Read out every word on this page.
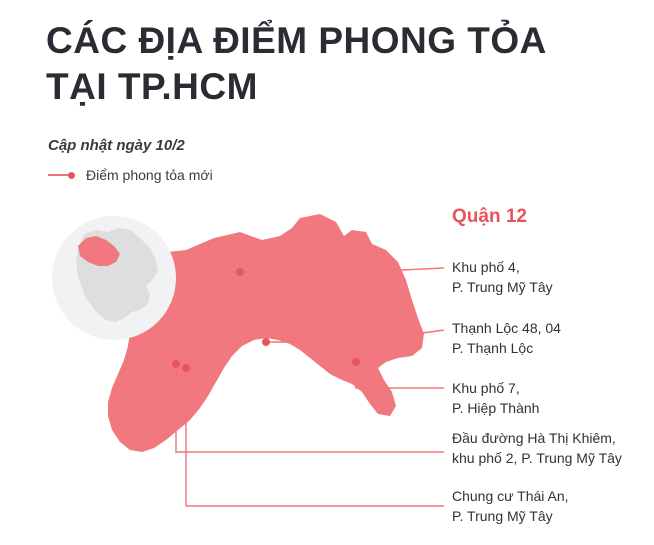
CÁC ĐỊA ĐIỂM PHONG TỎA TẠI TP.HCM
Cập nhật ngày 10/2
Điểm phong tỏa mới
Quận 12
Khu phố 4,
P. Trung Mỹ Tây
Thạnh Lộc 48, 04
P. Thạnh Lộc
Khu phố 7,
P. Hiệp Thành
Đầu đường Hà Thị Khiêm,
khu phố 2, P. Trung Mỹ Tây
Chung cư Thái An,
P. Trung Mỹ Tây
